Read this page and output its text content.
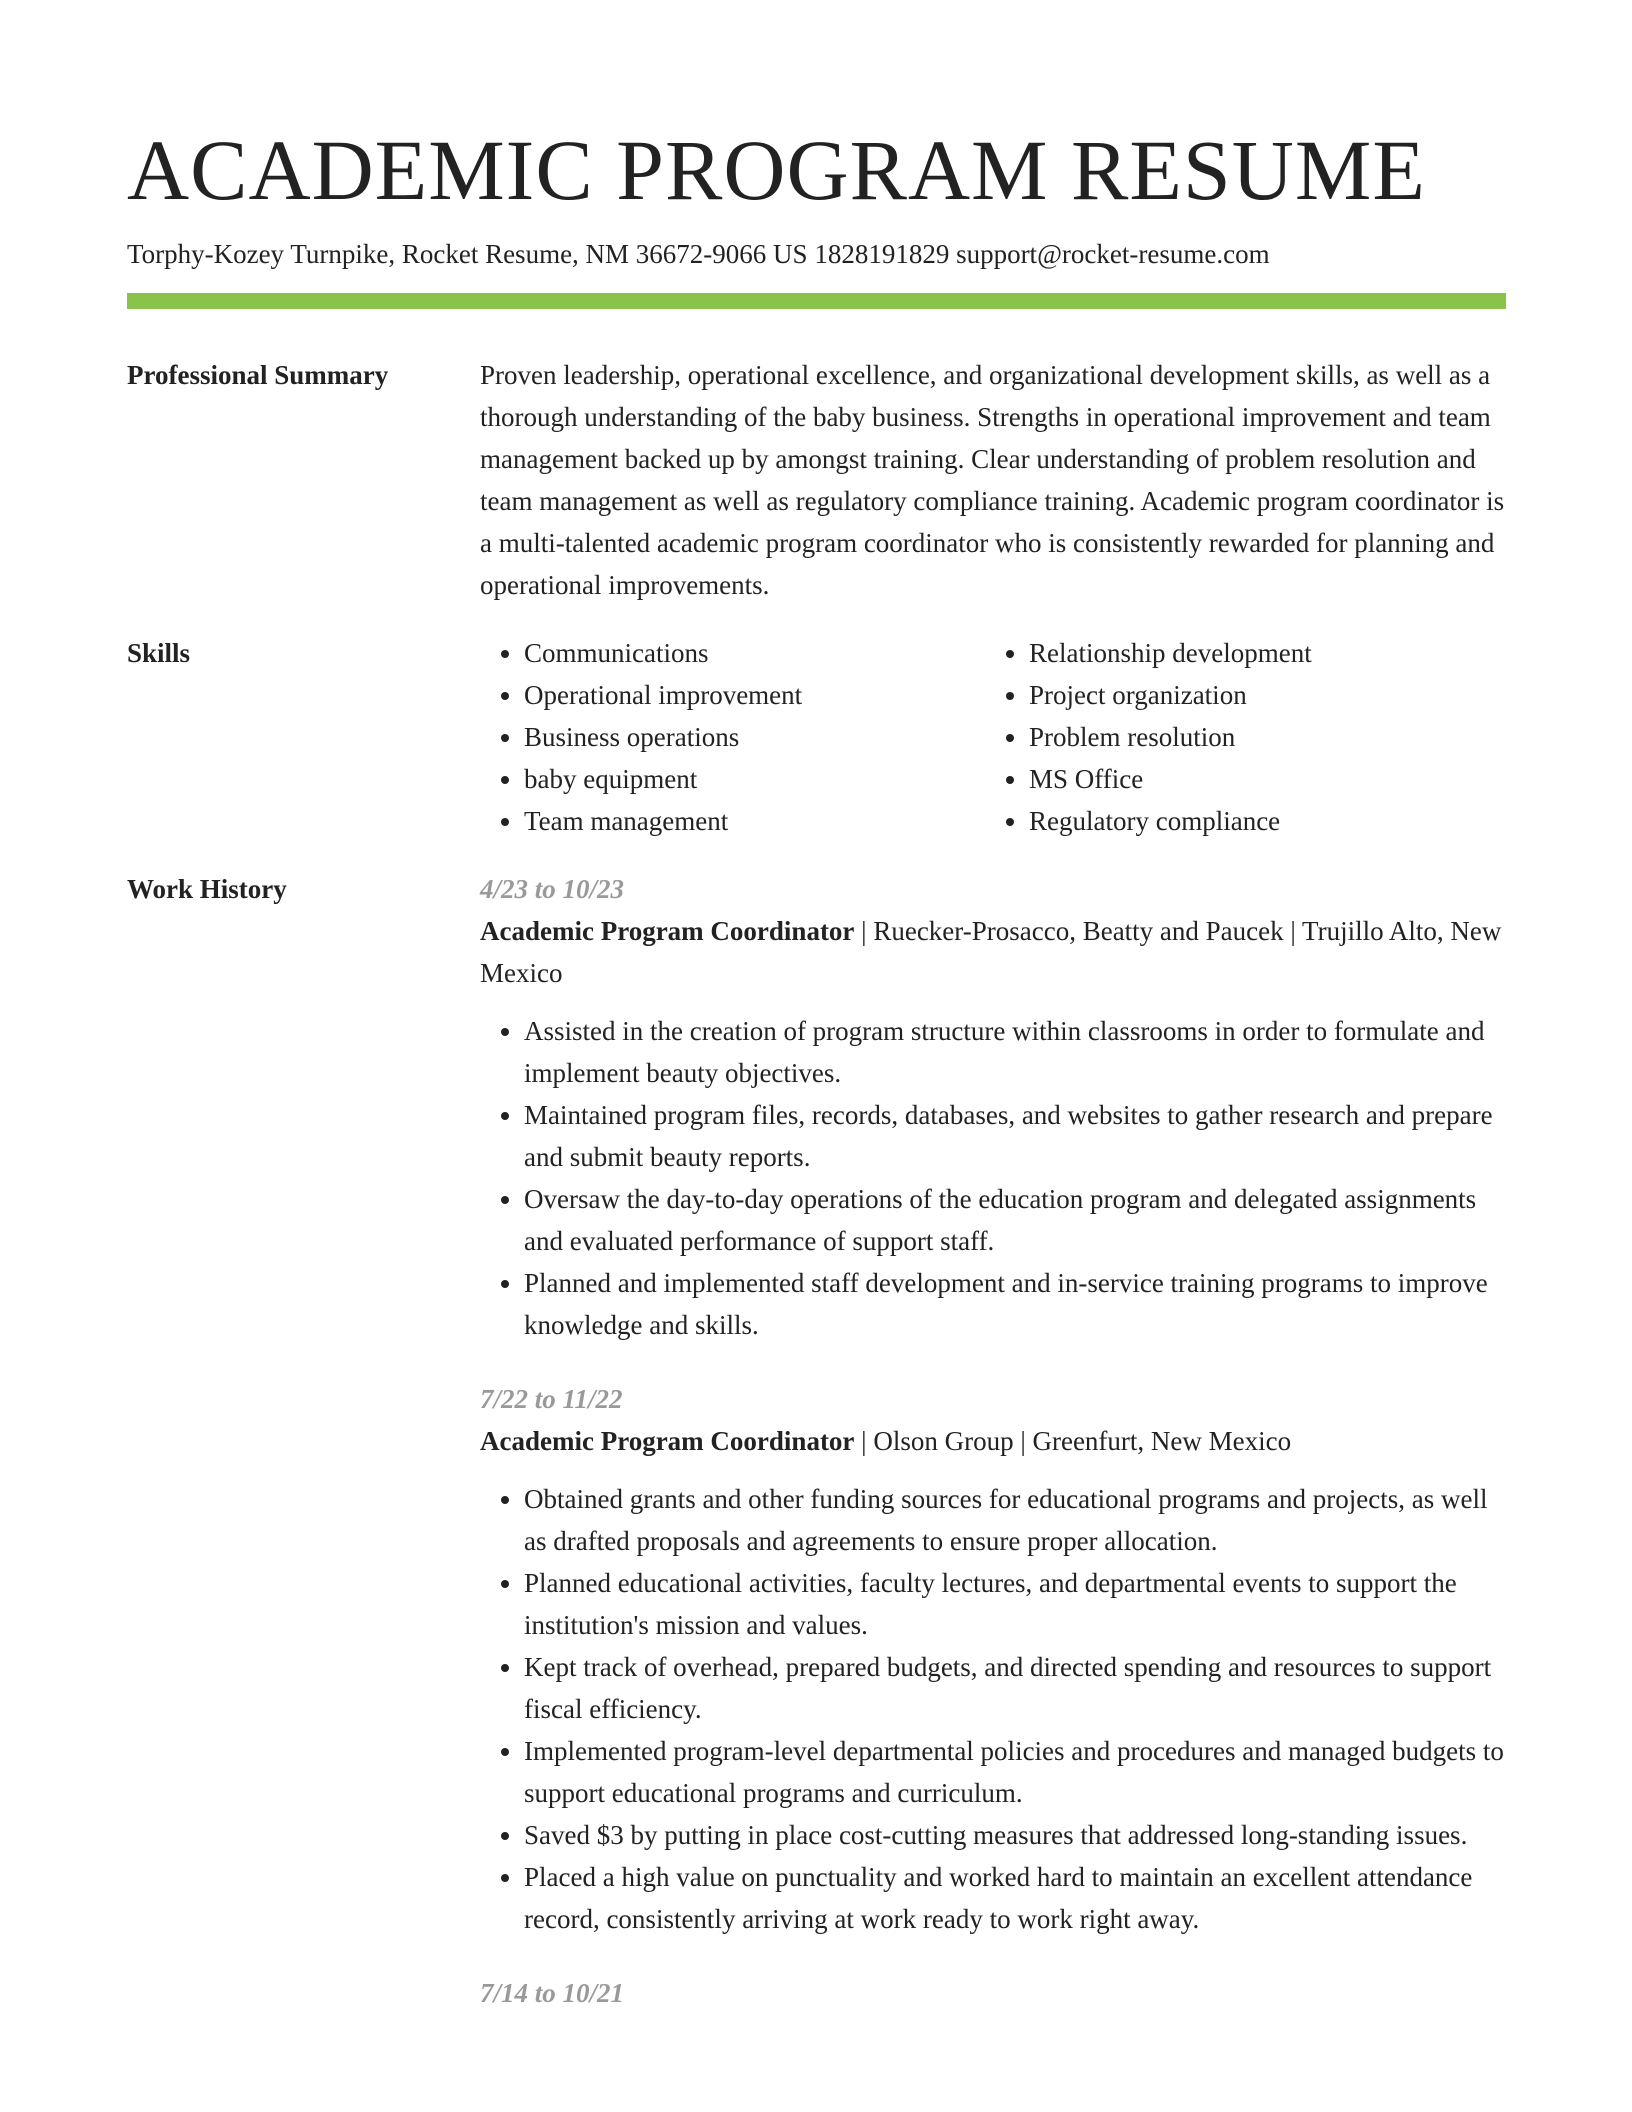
ACADEMIC PROGRAM RESUME
Torphy-Kozey Turnpike, Rocket Resume, NM 36672-9066 US 1828191829 support@rocket-resume.com
Professional Summary	Proven leadership, operational excellence, and organizational development skills, as well as a thorough understanding of the baby business. Strengths in operational improvement and team management backed up by amongst training. Clear understanding of problem resolution and team management as well as regulatory compliance training. Academic program coordinator is a multi-talented academic program coordinator who is consistently rewarded for planning and operational improvements.

Skills
•	Communications
• Operational improvement
• Business operations
• baby equipment
• Team management
• Relationship development
• Project organization
• Problem resolution
• MS Office
• Regulatory compliance
Work History	4/23 to 10/23
Academic Program Coordinator | Ruecker-Prosacco, Beatty and Paucek | Trujillo Alto, New Mexico
• Assisted in the creation of program structure within classrooms in order to formulate and implement beauty objectives.
• Maintained program files, records, databases, and websites to gather research and prepare and submit beauty reports.
• Oversaw the day-to-day operations of the education program and delegated assignments and evaluated performance of support staff.
• Planned and implemented staff development and in-service training programs to improve knowledge and skills.
7/22 to 11/22
Academic Program Coordinator | Olson Group | Greenfurt, New Mexico
• Obtained grants and other funding sources for educational programs and projects, as well as drafted proposals and agreements to ensure proper allocation.
• Planned educational activities, faculty lectures, and departmental events to support the institution's mission and values.
• Kept track of overhead, prepared budgets, and directed spending and resources to support fiscal efficiency.
• Implemented program-level departmental policies and procedures and managed budgets to support educational programs and curriculum.
• Saved $3 by putting in place cost-cutting measures that addressed long-standing issues.
• Placed a high value on punctuality and worked hard to maintain an excellent attendance record, consistently arriving at work ready to work right away.
7/14 to 10/21
